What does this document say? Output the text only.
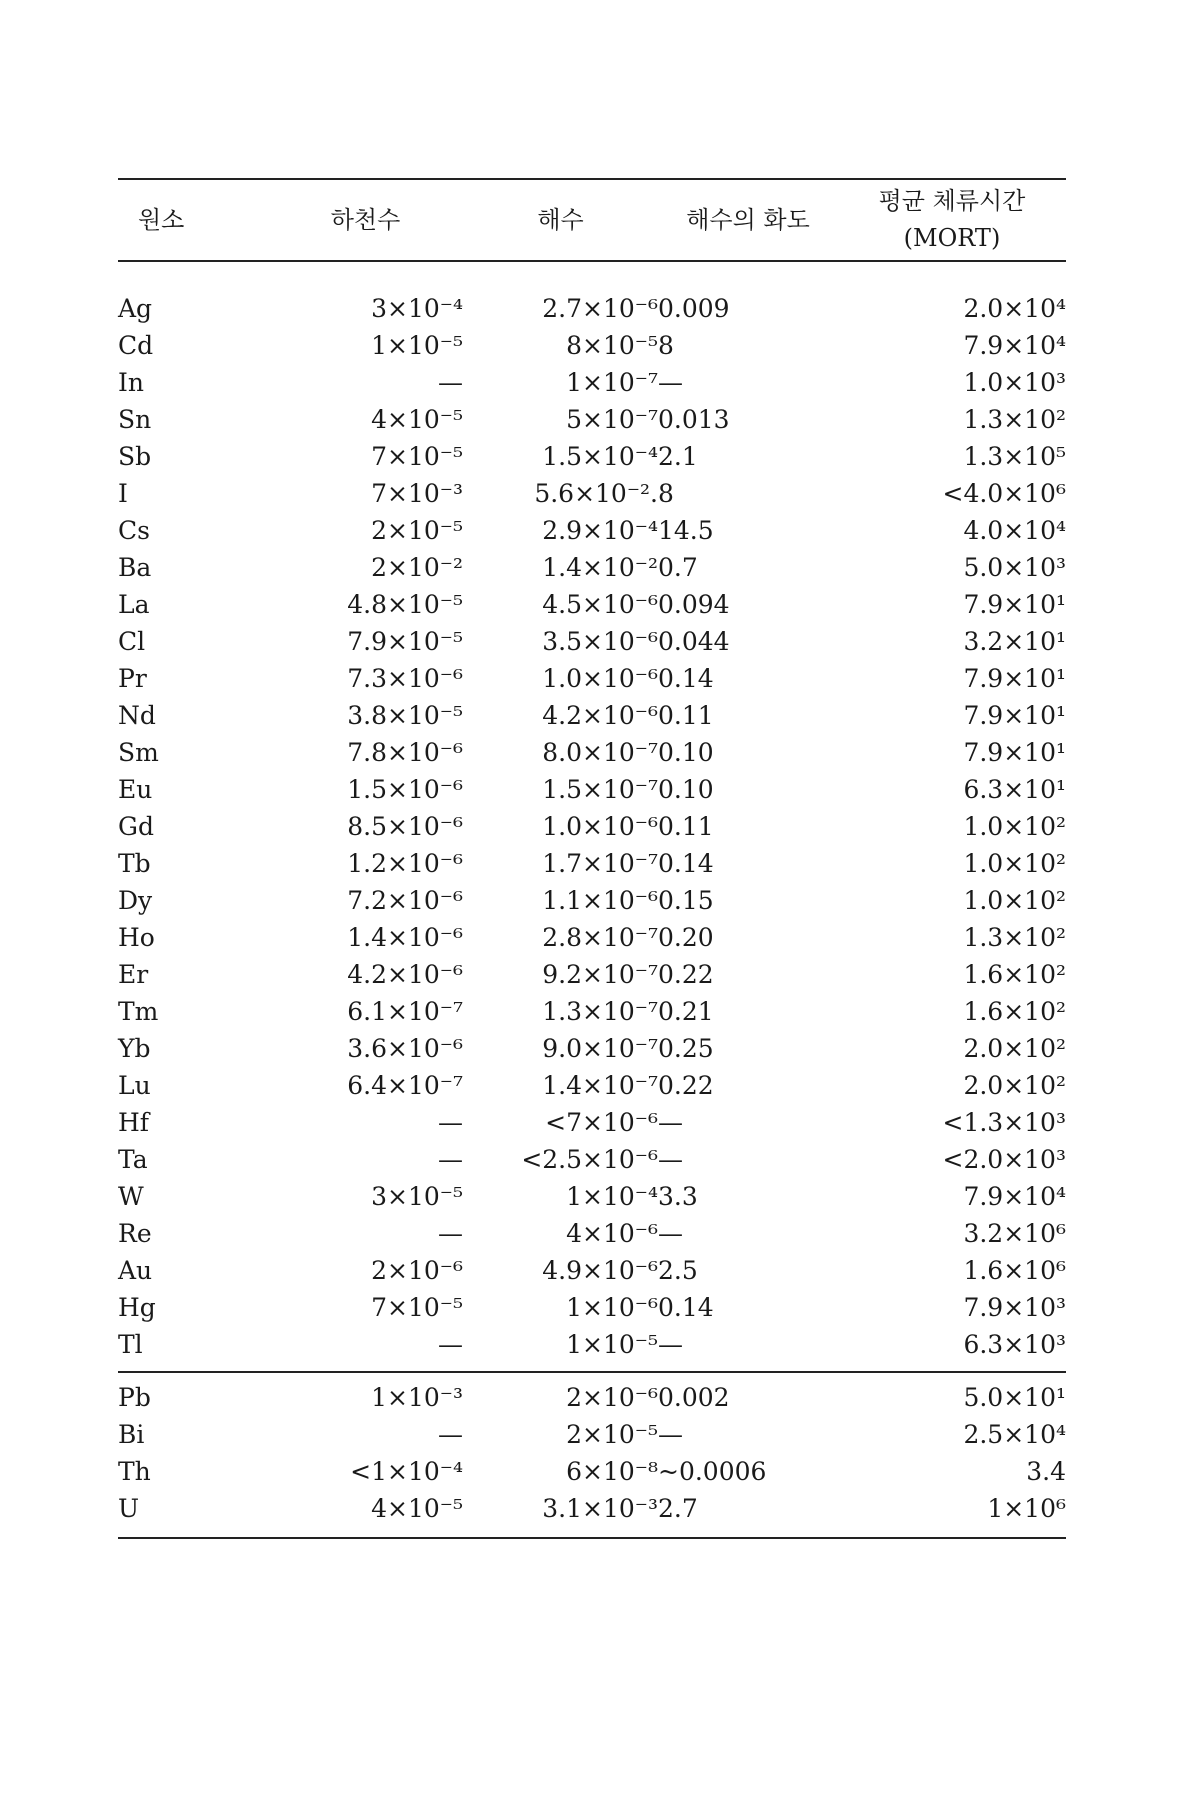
원소	하천수	해수	해수의 화도	평균 체류시간
(MORT)
Ag	3×10⁻⁴	2.7×10⁻⁶	0.009	2.0×10⁴
Cd	1×10⁻⁵	8×10⁻⁵	8	7.9×10⁴
In	—	1×10⁻⁷	—	1.0×10³
Sn	4×10⁻⁵	5×10⁻⁷	0.013	1.3×10²
Sb	7×10⁻⁵	1.5×10⁻⁴	2.1	1.3×10⁵
I	7×10⁻³	5.6×10⁻².	8	<4.0×10⁶
Cs	2×10⁻⁵	2.9×10⁻⁴	14.5	4.0×10⁴
Ba	2×10⁻²	1.4×10⁻²	0.7	5.0×10³
La	4.8×10⁻⁵	4.5×10⁻⁶	0.094	7.9×10¹
Cl	7.9×10⁻⁵	3.5×10⁻⁶	0.044	3.2×10¹
Pr	7.3×10⁻⁶	1.0×10⁻⁶	0.14	7.9×10¹
Nd	3.8×10⁻⁵	4.2×10⁻⁶	0.11	7.9×10¹
Sm	7.8×10⁻⁶	8.0×10⁻⁷	0.10	7.9×10¹
Eu	1.5×10⁻⁶	1.5×10⁻⁷	0.10	6.3×10¹
Gd	8.5×10⁻⁶	1.0×10⁻⁶	0.11	1.0×10²
Tb	1.2×10⁻⁶	1.7×10⁻⁷	0.14	1.0×10²
Dy	7.2×10⁻⁶	1.1×10⁻⁶	0.15	1.0×10²
Ho	1.4×10⁻⁶	2.8×10⁻⁷	0.20	1.3×10²
Er	4.2×10⁻⁶	9.2×10⁻⁷	0.22	1.6×10²
Tm	6.1×10⁻⁷	1.3×10⁻⁷	0.21	1.6×10²
Yb	3.6×10⁻⁶	9.0×10⁻⁷	0.25	2.0×10²
Lu	6.4×10⁻⁷	1.4×10⁻⁷	0.22	2.0×10²
Hf	—	<7×10⁻⁶	—	<1.3×10³
Ta	—	<2.5×10⁻⁶	—	<2.0×10³
W	3×10⁻⁵	1×10⁻⁴	3.3	7.9×10⁴
Re	—	4×10⁻⁶	—	3.2×10⁶
Au	2×10⁻⁶	4.9×10⁻⁶	2.5	1.6×10⁶
Hg	7×10⁻⁵	1×10⁻⁶	0.14	7.9×10³
Tl	—	1×10⁻⁵	—	6.3×10³
Pb	1×10⁻³	2×10⁻⁶	0.002	5.0×10¹
Bi	—	2×10⁻⁵	—	2.5×10⁴
Th	<1×10⁻⁴	6×10⁻⁸	~0.0006	3.4
U	4×10⁻⁵	3.1×10⁻³	2.7	1×10⁶
